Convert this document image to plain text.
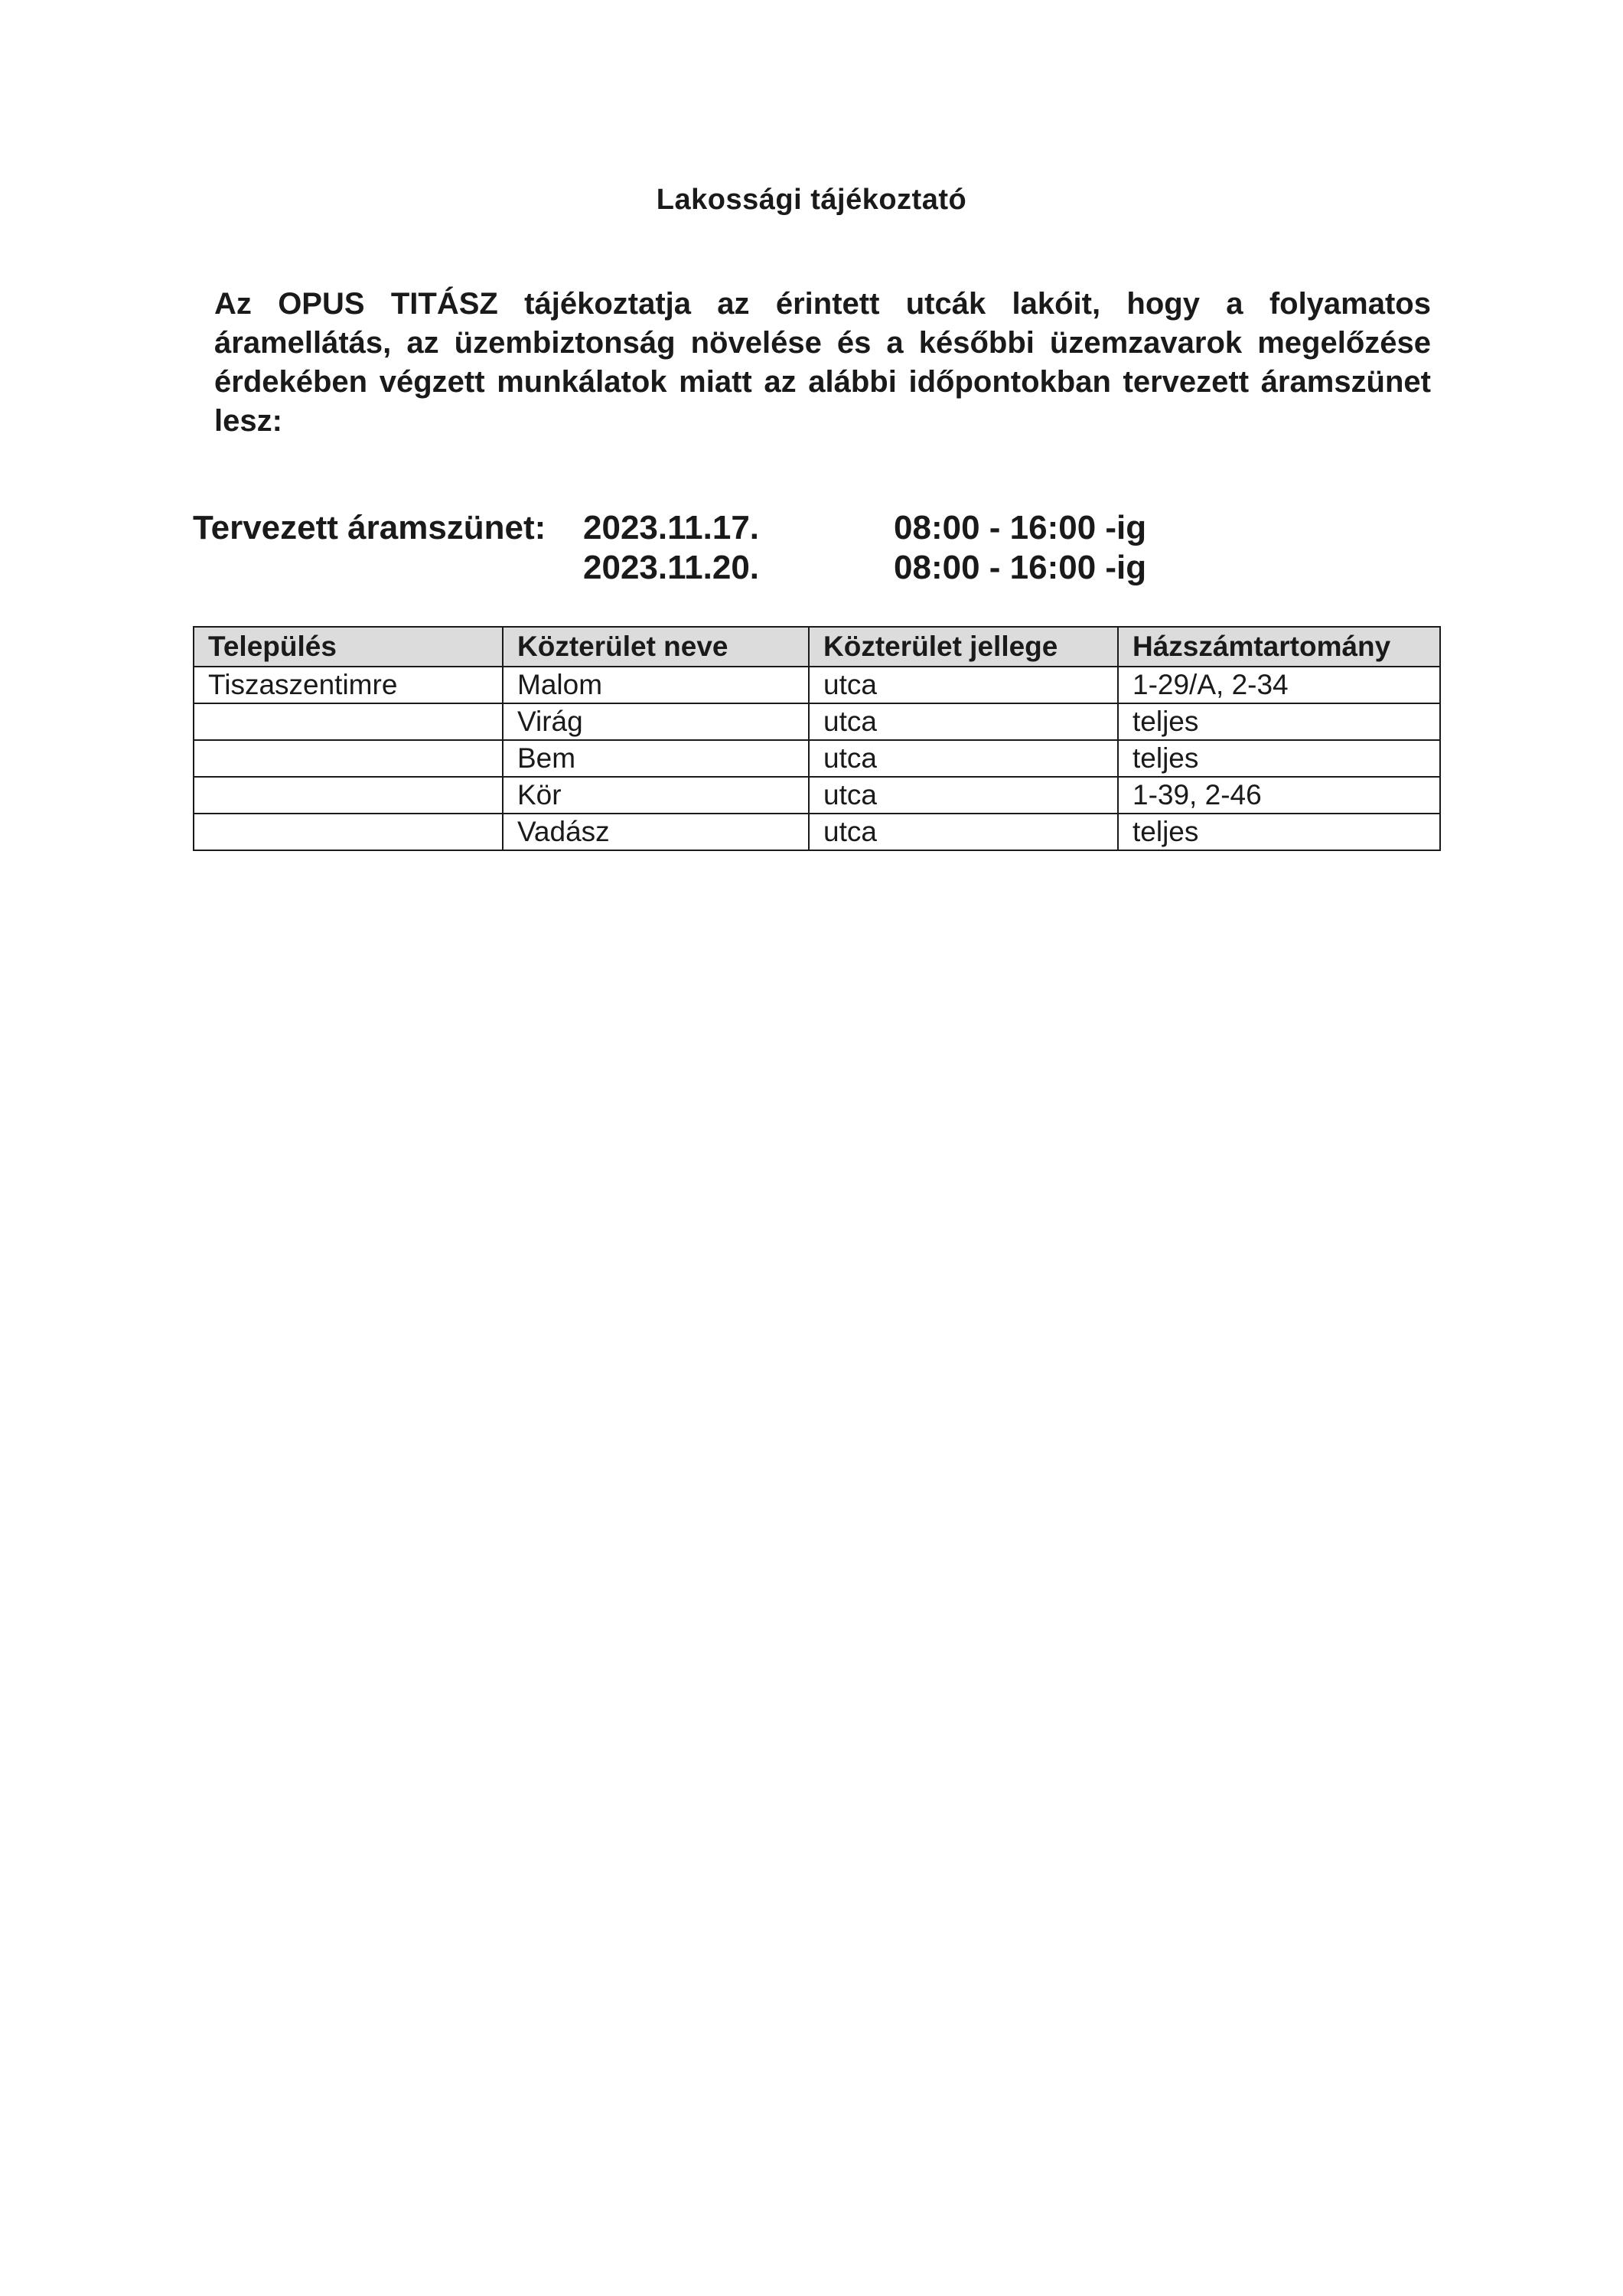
Lakossági tájékoztató
Az OPUS TITÁSZ tájékoztatja az érintett utcák lakóit, hogy a folyamatos áramellátás, az üzembiztonság növelése és a későbbi üzemzavarok megelőzése érdekében végzett munkálatok miatt az alábbi időpontokban tervezett áramszünet lesz:
Tervezett áramszünet: 2023.11.17.	08:00 - 16:00 -ig
2023.11.20.	08:00 - 16:00 -ig
Település	Közterület neve	Közterület jellege	Házszámtartomány
Tiszaszentimre	Malom	utca	1-29/A, 2-34
	Virág	utca	teljes
	Bem	utca	teljes
	Kör	utca	1-39, 2-46
	Vadász	utca	teljes
